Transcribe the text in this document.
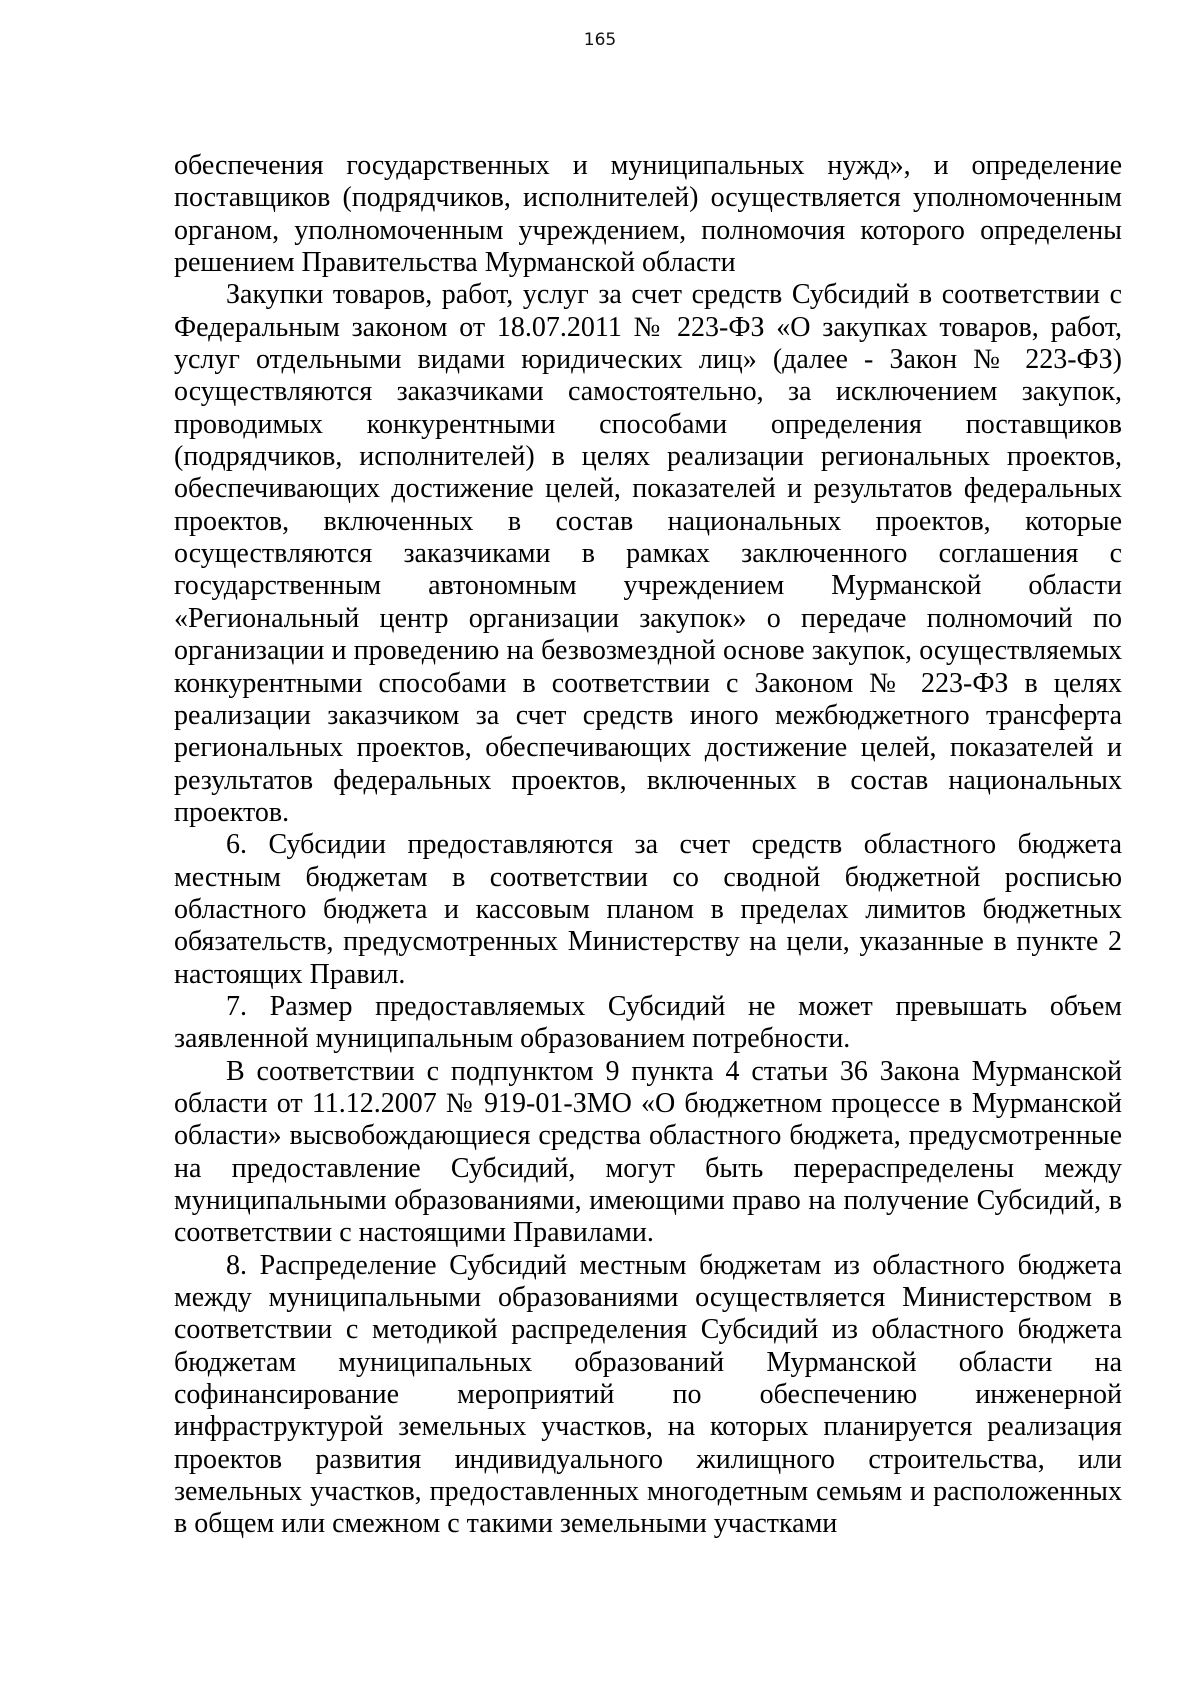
165

обеспечения государственных и муниципальных нужд», и определение поставщиков (подрядчиков, исполнителей) осуществляется уполномоченным органом, уполномоченным учреждением, полномочия которого определены решением Правительства Мурманской области

Закупки товаров, работ, услуг за счет средств Субсидий в соответствии с Федеральным законом от 18.07.2011 № 223-ФЗ «О закупках товаров, работ, услуг отдельными видами юридических лиц» (далее - Закон № 223-ФЗ) осуществляются заказчиками самостоятельно, за исключением закупок, проводимых конкурентными способами определения поставщиков (подрядчиков, исполнителей) в целях реализации региональных проектов, обеспечивающих достижение целей, показателей и результатов федеральных проектов, включенных в состав национальных проектов, которые осуществляются заказчиками в рамках заключенного соглашения с государственным автономным учреждением Мурманской области «Региональный центр организации закупок» о передаче полномочий по организации и проведению на безвозмездной основе закупок, осуществляемых конкурентными способами в соответствии с Законом № 223-ФЗ в целях реализации заказчиком за счет средств иного межбюджетного трансферта региональных проектов, обеспечивающих достижение целей, показателей и результатов федеральных проектов, включенных в состав национальных проектов.

6. Субсидии предоставляются за счет средств областного бюджета местным бюджетам в соответствии со сводной бюджетной росписью областного бюджета и кассовым планом в пределах лимитов бюджетных обязательств, предусмотренных Министерству на цели, указанные в пункте 2 настоящих Правил.

7. Размер предоставляемых Субсидий не может превышать объем заявленной муниципальным образованием потребности.

В соответствии с подпунктом 9 пункта 4 статьи 36 Закона Мурманской области от 11.12.2007 № 919-01-ЗМО «О бюджетном процессе в Мурманской области» высвобождающиеся средства областного бюджета, предусмотренные на предоставление Субсидий, могут быть перераспределены между муниципальными образованиями, имеющими право на получение Субсидий, в соответствии с настоящими Правилами.

8. Распределение Субсидий местным бюджетам из областного бюджета между муниципальными образованиями осуществляется Министерством в соответствии с методикой распределения Субсидий из областного бюджета бюджетам муниципальных образований Мурманской области на софинансирование мероприятий по обеспечению инженерной инфраструктурой земельных участков, на которых планируется реализация проектов развития индивидуального жилищного строительства, или земельных участков, предоставленных многодетным семьям и расположенных в общем или смежном с такими земельными участками
